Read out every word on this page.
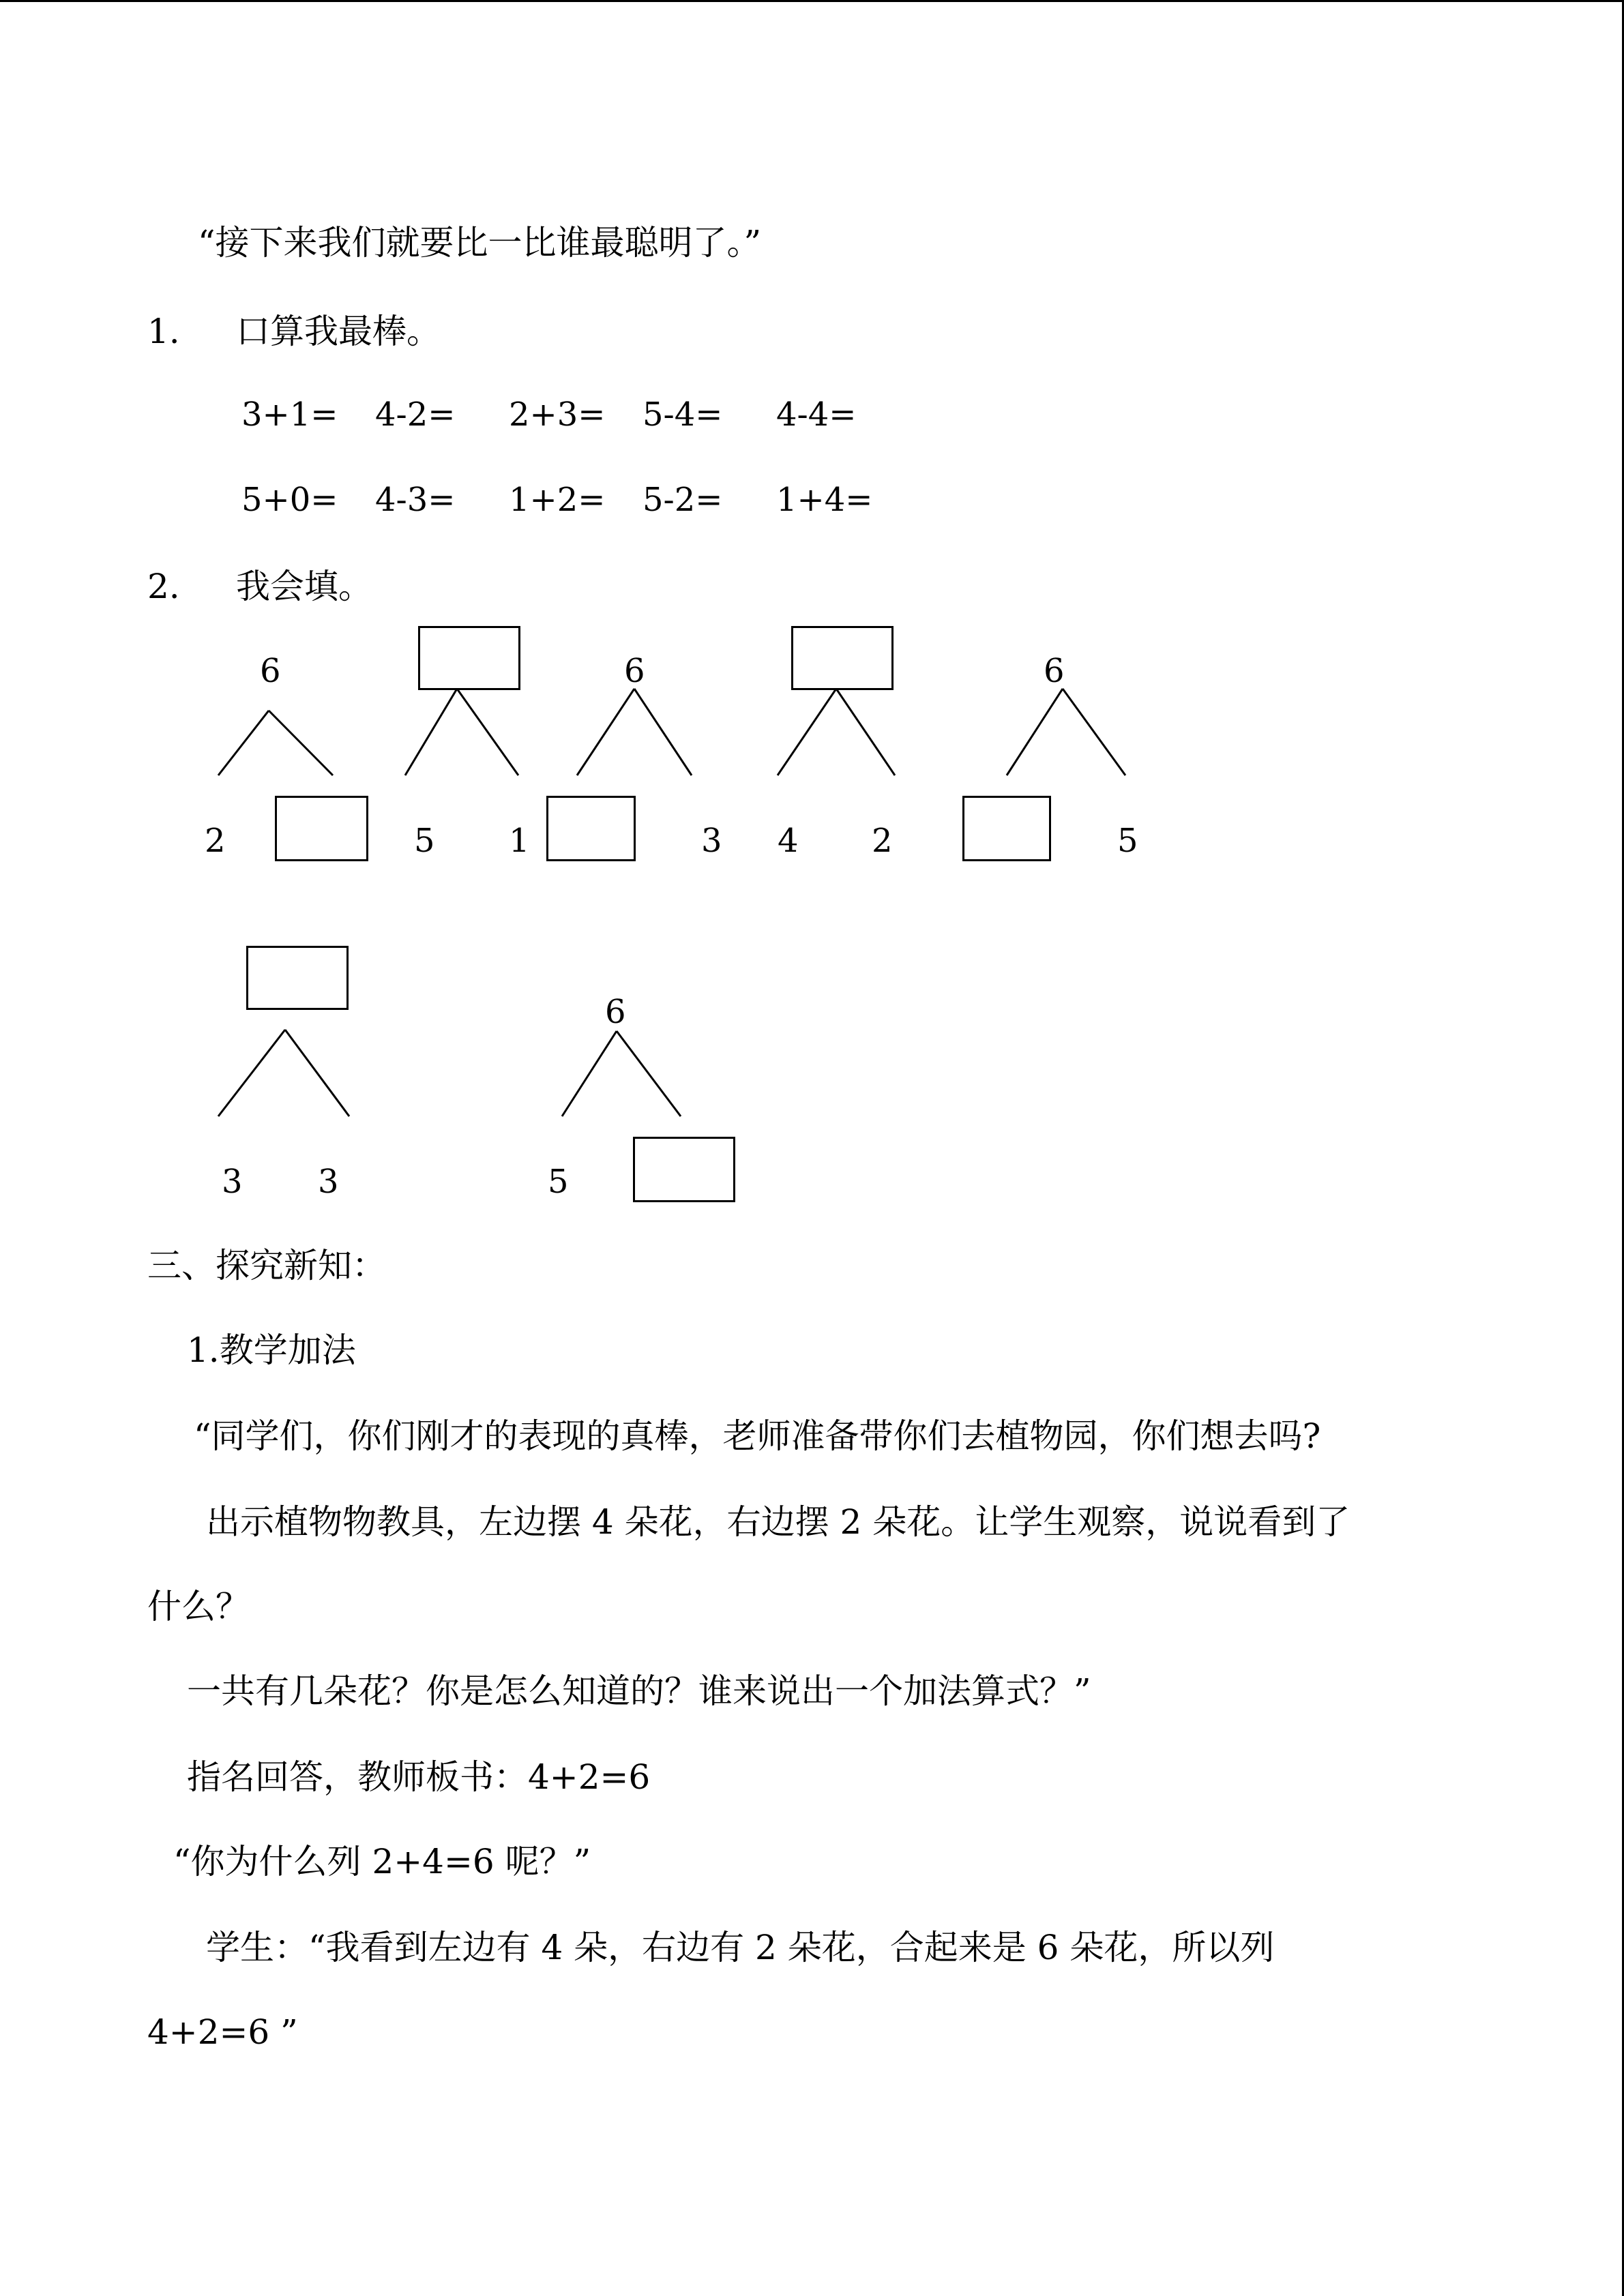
“接下来我们就要比一比谁最聪明了。”
1. 口算我最棒。
3+1= 4-2= 2+3= 5-4= 4-4=
5+0= 4-3= 1+2= 5-2= 1+4=
2. 我会填。
6
2	5
6
1	3 4 2
6
5
3 3
6
5
三、探究新知：
1.教学加法
“同学们，你们刚才的表现的真棒，老师准备带你们去植物园，你们想去吗?
出示植物物教具，左边摆 4 朵花，右边摆 2 朵花。让学生观察，说说看到了
什么？
一共有几朵花？你是怎么知道的？谁来说出一个加法算式？”
指名回答，教师板书：4+2=6
“你为什么列 2+4=6 呢？”
学生：“我看到左边有 4 朵，右边有 2 朵花，合起来是 6 朵花，所以列
4+2=6 ”
